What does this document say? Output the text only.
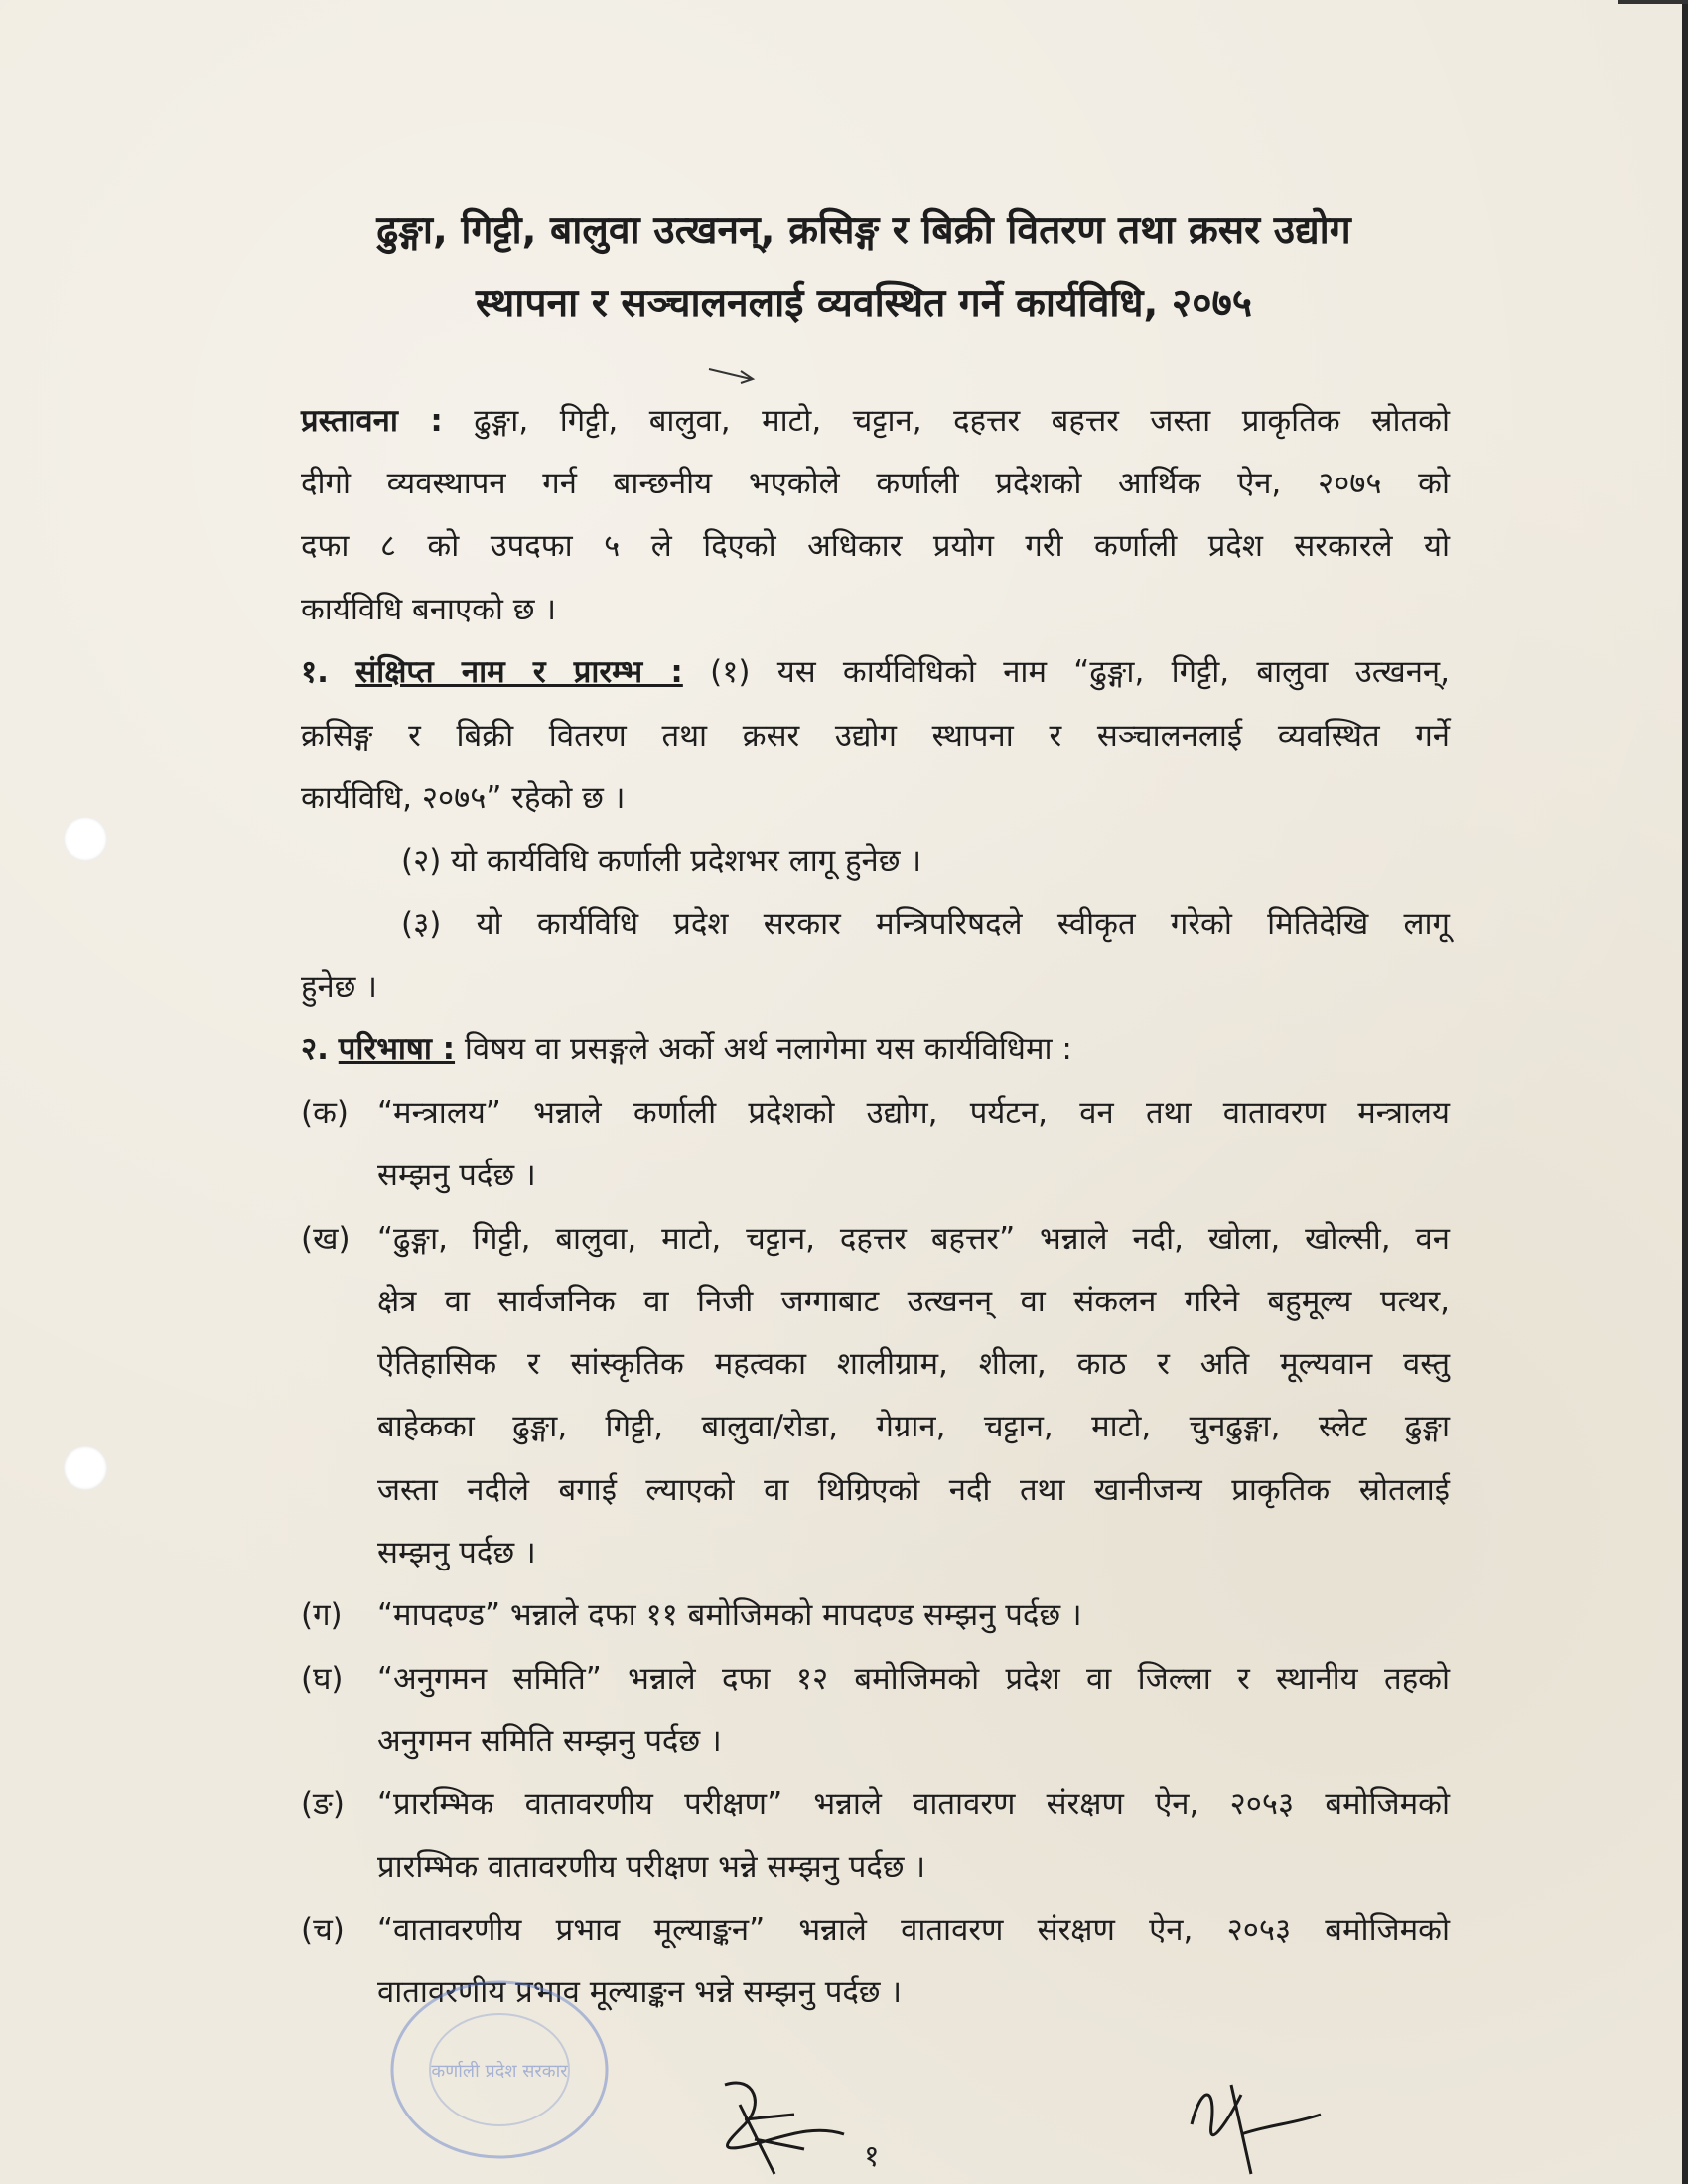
ढुङ्गा, गिट्टी, बालुवा उत्खनन्, क्रसिङ्ग र बिक्री वितरण तथा क्रसर उद्योग
स्थापना र सञ्चालनलाई व्यवस्थित गर्ने कार्यविधि, २०७५
प्रस्तावना : ढुङ्गा, गिट्टी, बालुवा, माटो, चट्टान, दहत्तर बहत्तर जस्ता प्राकृतिक स्रोतको
दीगो व्यवस्थापन गर्न बान्छनीय भएकोले कर्णाली प्रदेशको आर्थिक ऐन, २०७५ को
दफा ८ को उपदफा ५ ले दिएको अधिकार प्रयोग गरी कर्णाली प्रदेश सरकारले यो
कार्यविधि बनाएको छ ।
१. संक्षिप्त नाम र प्रारम्भ : (१) यस कार्यविधिको नाम “ढुङ्गा, गिट्टी, बालुवा उत्खनन्,
क्रसिङ्ग र बिक्री वितरण तथा क्रसर उद्योग स्थापना र सञ्चालनलाई व्यवस्थित गर्ने
कार्यविधि, २०७५” रहेको छ ।
(२) यो कार्यविधि कर्णाली प्रदेशभर लागू हुनेछ ।
(३) यो कार्यविधि प्रदेश सरकार मन्त्रिपरिषदले स्वीकृत गरेको मितिदेखि लागू
हुनेछ ।
२. परिभाषा : विषय वा प्रसङ्गले अर्को अर्थ नलागेमा यस कार्यविधिमा :
(क) “मन्त्रालय” भन्नाले कर्णाली प्रदेशको उद्योग, पर्यटन, वन तथा वातावरण मन्त्रालय
सम्झनु पर्दछ ।
(ख) “ढुङ्गा, गिट्टी, बालुवा, माटो, चट्टान, दहत्तर बहत्तर” भन्नाले नदी, खोला, खोल्सी, वन
क्षेत्र वा सार्वजनिक वा निजी जग्गाबाट उत्खनन् वा संकलन गरिने बहुमूल्य पत्थर,
ऐतिहासिक र सांस्कृतिक महत्वका शालीग्राम, शीला, काठ र अति मूल्यवान वस्तु
बाहेकका ढुङ्गा, गिट्टी, बालुवा/रोडा, गेग्रान, चट्टान, माटो, चुनढुङ्गा, स्लेट ढुङ्गा
जस्ता नदीले बगाई ल्याएको वा थिग्रिएको नदी तथा खानीजन्य प्राकृतिक स्रोतलाई
सम्झनु पर्दछ ।
(ग) “मापदण्ड” भन्नाले दफा ११ बमोजिमको मापदण्ड सम्झनु पर्दछ ।
(घ) “अनुगमन समिति” भन्नाले दफा १२ बमोजिमको प्रदेश वा जिल्ला र स्थानीय तहको
अनुगमन समिति सम्झनु पर्दछ ।
(ङ) “प्रारम्भिक वातावरणीय परीक्षण” भन्नाले वातावरण संरक्षण ऐन, २०५३ बमोजिमको
प्रारम्भिक वातावरणीय परीक्षण भन्ने सम्झनु पर्दछ ।
(च) “वातावरणीय प्रभाव मूल्याङ्कन” भन्नाले वातावरण संरक्षण ऐन, २०५३ बमोजिमको
वातावरणीय प्रभाव मूल्याङ्कन भन्ने सम्झनु पर्दछ ।
कर्णाली प्रदेश सरकार
१
